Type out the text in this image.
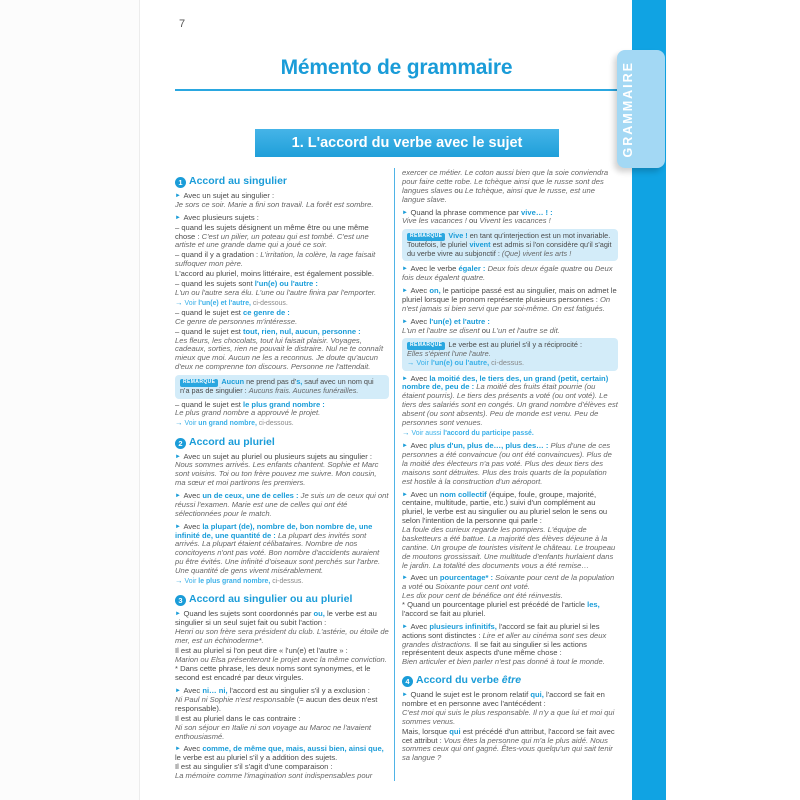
7
Mémento de grammaire
1. L'accord du verbe avec le sujet	GRAMMAIRE
1 Accord au singulier
► Avec un sujet au singulier :
Je sors ce soir. Marie a fini son travail. La forêt est sombre.
► Avec plusieurs sujets :
– quand les sujets désignent un même être ou une même chose : C'est un pilier, un poteau qui est tombé. C'est une artiste et une grande dame qui a joué ce soir.
– quand il y a gradation : L'irritation, la colère, la rage faisait suffoquer mon père.
L'accord au pluriel, moins littéraire, est également possible.
– quand les sujets sont l'un(e) ou l'autre :
L'un ou l'autre sera élu. L'une ou l'autre finira par l'emporter.
→ Voir l'un(e) et l'autre, ci-dessous.
– quand le sujet est ce genre de :
Ce genre de personnes m'intéresse.
– quand le sujet est tout, rien, nul, aucun, personne :
Les fleurs, les chocolats, tout lui faisait plaisir. Voyages, cadeaux, sorties, rien ne pouvait le distraire. Nul ne te connaît mieux que moi. Aucun ne les a reconnus. Je doute qu'aucun d'eux ne comprenne ton discours. Personne ne l'attendait.
REMARQUE Aucun ne prend pas d's, sauf avec un nom qui n'a pas de singulier : Aucuns frais. Aucunes funérailles.
– quand le sujet est le plus grand nombre :
Le plus grand nombre a approuvé le projet.
→ Voir un grand nombre, ci-dessous.
2 Accord au pluriel
► Avec un sujet au pluriel ou plusieurs sujets au singulier :
Nous sommes arrivés. Les enfants chantent. Sophie et Marc sont voisins. Toi ou ton frère pouvez me suivre. Mon cousin, ma sœur et moi partirons les premiers.
► Avec un de ceux, une de celles : Je suis un de ceux qui ont réussi l'examen. Marie est une de celles qui ont été sélectionnées pour le match.
► Avec la plupart (de), nombre de, bon nombre de, une infinité de, une quantité de : La plupart des invités sont arrivés. La plupart étaient célibataires. Nombre de nos concitoyens n'ont pas voté. Bon nombre d'accidents auraient pu être évités. Une infinité d'oiseaux sont perchés sur l'arbre. Une quantité de gens vivent misérablement.
→ Voir le plus grand nombre, ci-dessus.
3 Accord au singulier ou au pluriel
► Quand les sujets sont coordonnés par ou, le verbe est au singulier si un seul sujet fait ou subit l'action :
Henri ou son frère sera président du club. L'astérie, ou étoile de mer, est un échinoderme*.
Il est au pluriel si l'on peut dire « l'un(e) et l'autre » :
Marion ou Elsa présenteront le projet avec la même conviction.
* Dans cette phrase, les deux noms sont synonymes, et le second est encadré par deux virgules.
► Avec ni… ni, l'accord est au singulier s'il y a exclusion :
Ni Paul ni Sophie n'est responsable (= aucun des deux n'est responsable).
Il est au pluriel dans le cas contraire :
Ni son séjour en Italie ni son voyage au Maroc ne l'avaient enthousiasmé.
► Avec comme, de même que, mais, aussi bien, ainsi que, le verbe est au pluriel s'il y a addition des sujets.
Il est au singulier s'il s'agit d'une comparaison :
La mémoire comme l'imagination sont indispensables pour
exercer ce métier. Le coton aussi bien que la soie conviendra pour faire cette robe. Le tchèque ainsi que le russe sont des langues slaves ou Le tchèque, ainsi que le russe, est une langue slave.
► Quand la phrase commence par vive… ! :
Vive les vacances ! ou Vivent les vacances !
REMARQUE Vive ! en tant qu'interjection est un mot invariable. Toutefois, le pluriel vivent est admis si l'on considère qu'il s'agit du verbe vivre au subjonctif : (Que) vivent les arts !
► Avec le verbe égaler : Deux fois deux égale quatre ou Deux fois deux égalent quatre.
► Avec on, le participe passé est au singulier, mais on admet le pluriel lorsque le pronom représente plusieurs personnes : On n'est jamais si bien servi que par soi-même. On est fatigués.
► Avec l'un(e) et l'autre :
L'un et l'autre se disent ou L'un et l'autre se dit.
REMARQUE Le verbe est au pluriel s'il y a réciprocité :
Elles s'épient l'une l'autre.
→ Voir l'un(e) ou l'autre, ci-dessus.
► Avec la moitié des, le tiers des, un grand (petit, certain) nombre de, peu de : La moitié des fruits était pourrie (ou étaient pourris). Le tiers des présents a voté (ou ont voté). Le tiers des salariés sont en congés. Un grand nombre d'élèves est absent (ou sont absents). Peu de monde est venu. Peu de personnes sont venues.
→ Voir aussi l'accord du participe passé.
► Avec plus d'un, plus de…, plus des… : Plus d'une de ces personnes a été convaincue (ou ont été convaincues). Plus de la moitié des électeurs n'a pas voté. Plus des deux tiers des maisons sont détruites. Plus des trois quarts de la population est hostile à la construction d'un aéroport.
► Avec un nom collectif (équipe, foule, groupe, majorité, centaine, multitude, partie, etc.) suivi d'un complément au pluriel, le verbe est au singulier ou au pluriel selon le sens ou selon l'intention de la personne qui parle :
La foule des curieux regarde les pompiers. L'équipe de basketteurs a été battue. La majorité des élèves déjeune à la cantine. Un groupe de touristes visitent le château. Le troupeau de moutons grossissait. Une multitude d'enfants hurlaient dans le jardin. La totalité des documents vous a été remise…
► Avec un pourcentage* : Soixante pour cent de la population a voté ou Soixante pour cent ont voté.
Les dix pour cent de bénéfice ont été réinvestis.
* Quand un pourcentage pluriel est précédé de l'article les, l'accord se fait au pluriel.
► Avec plusieurs infinitifs, l'accord se fait au pluriel si les actions sont distinctes : Lire et aller au cinéma sont ses deux grandes distractions. Il se fait au singulier si les actions représentent deux aspects d'une même chose :
Bien articuler et bien parler n'est pas donné à tout le monde.
4 Accord du verbe être
► Quand le sujet est le pronom relatif qui, l'accord se fait en nombre et en personne avec l'antécédent :
C'est moi qui suis le plus responsable. Il n'y a que lui et moi qui sommes venus.
Mais, lorsque qui est précédé d'un attribut, l'accord se fait avec cet attribut : Vous êtes la personne qui m'a le plus aidé. Nous sommes ceux qui ont gagné. Êtes-vous quelqu'un qui sait tenir sa langue ?
